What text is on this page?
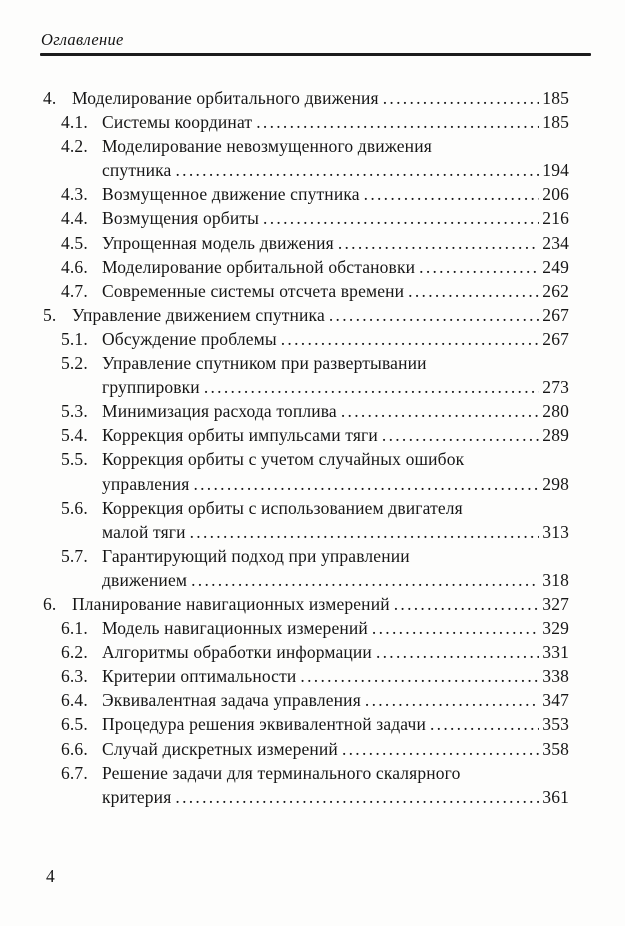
Оглавление
4. Моделирование орбитального движения .....	185
4.1. Системы координат .....	185
4.2. Моделирование невозмущенного движения
спутника .....	194
4.3. Возмущенное движение спутника .....	206
4.4. Возмущения орбиты .....	216
4.5. Упрощенная модель движения .....	234
4.6. Моделирование орбитальной обстановки .....	249
4.7. Современные системы отсчета времени .....	262
5. Управление движением спутника .....	267
5.1. Обсуждение проблемы .....	267
5.2. Управление спутником при развертывании
группировки .....	273
5.3. Минимизация расхода топлива .....	280
5.4. Коррекция орбиты импульсами тяги .....	289
5.5. Коррекция орбиты с учетом случайных ошибок
управления .....	298
5.6. Коррекция орбиты с использованием двигателя
малой тяги .....	313
5.7. Гарантирующий подход при управлении
движением .....	318
6. Планирование навигационных измерений .....	327
6.1. Модель навигационных измерений .....	329
6.2. Алгоритмы обработки информации .....	331
6.3. Критерии оптимальности .....	338
6.4. Эквивалентная задача управления .....	347
6.5. Процедура решения эквивалентной задачи .....	353
6.6. Случай дискретных измерений .....	358
6.7. Решение задачи для терминального скалярного
критерия .....	361
4
